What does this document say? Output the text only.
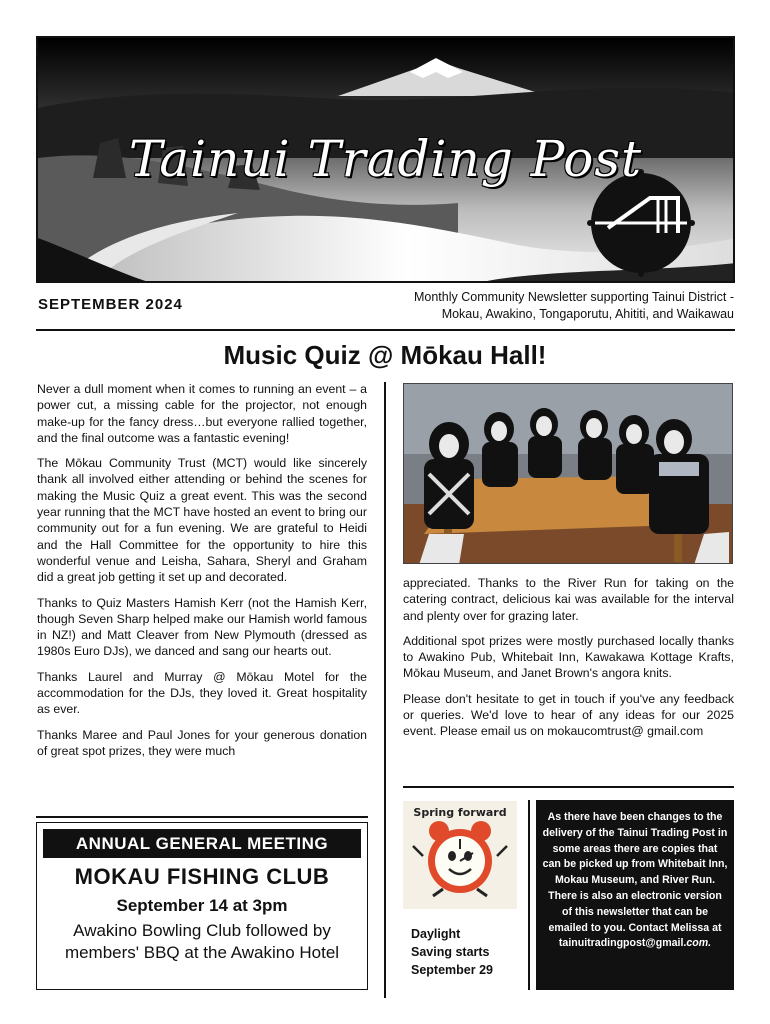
Tainui Trading Post
SEPTEMBER 2024	Monthly Community Newsletter supporting Tainui District -
Mokau, Awakino, Tongaporutu, Ahititi, and Waikawau
Music Quiz @ Mōkau Hall!

Never a dull moment when it comes to running an event – a power cut, a missing cable for the projector, not enough make-up for the fancy dress…but everyone rallied together, and the final outcome was a fantastic evening!

The Mōkau Community Trust (MCT) would like sincerely thank all involved either attending or behind the scenes for making the Music Quiz a great event. This was the second year running that the MCT have hosted an event to bring our community out for a fun evening. We are grateful to Heidi and the Hall Committee for the opportunity to hire this wonderful venue and Leisha, Sahara, Sheryl and Graham did a great job getting it set up and decorated.

Thanks to Quiz Masters Hamish Kerr (not the Hamish Kerr, though Seven Sharp helped make our Hamish world famous in NZ!) and Matt Cleaver from New Plymouth (dressed as 1980s Euro DJs), we danced and sang our hearts out.

Thanks Laurel and Murray @ Mōkau Motel for the accommodation for the DJs, they loved it. Great hospitality as ever.

Thanks Maree and Paul Jones for your generous donation of great spot prizes, they were much

appreciated. Thanks to the River Run for taking on the catering contract, delicious kai was available for the interval and plenty over for grazing later.

Additional spot prizes were mostly purchased locally thanks to Awakino Pub, Whitebait Inn, Kawakawa Kottage Krafts, Mōkau Museum, and Janet Brown's angora knits.

Please don't hesitate to get in touch if you've any feedback or queries. We'd love to hear of any ideas for our 2025 event. Please email us on mokaucomtrust@ gmail.com

ANNUAL GENERAL MEETING
MOKAU FISHING CLUB
September 14 at 3pm
Awakino Bowling Club followed by members' BBQ at the Awakino Hotel
Spring forward
Daylight
Saving starts
September 29
As there have been changes to the delivery of the Tainui Trading Post in some areas there are copies that can be picked up from Whitebait Inn, Mokau Museum, and River Run. There is also an electronic version of this newsletter that can be emailed to you. Contact Melissa at tainuitradingpost@gmail.com.
